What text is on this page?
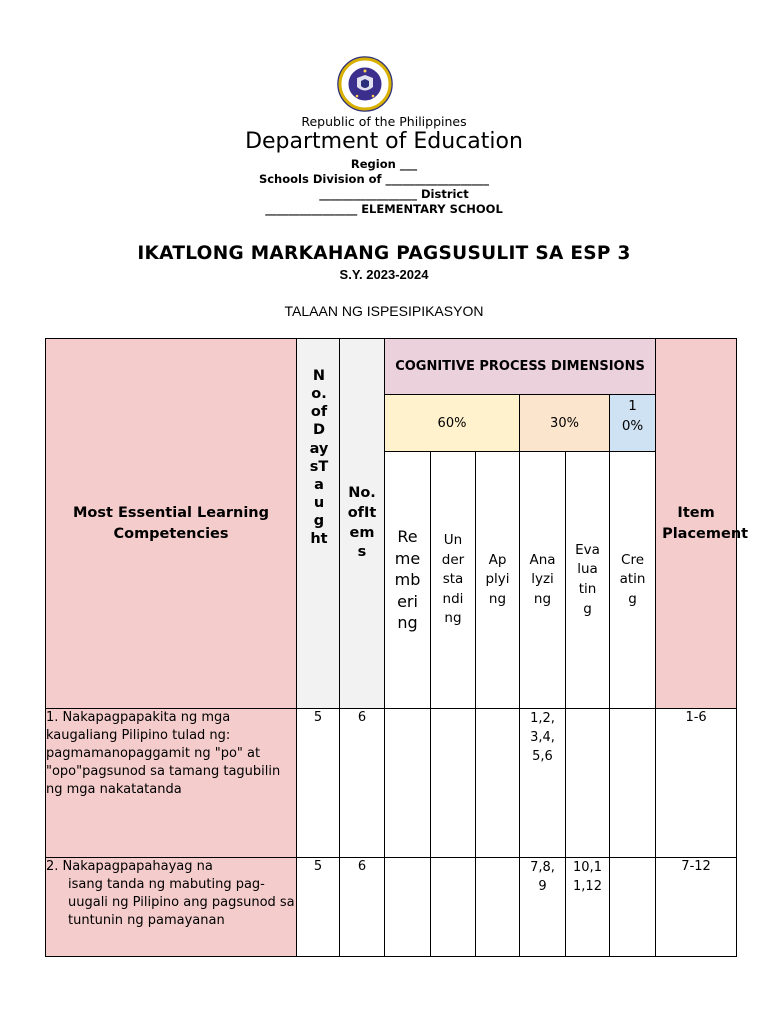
Republic of the Philippines
Department of Education
Region ___
Schools Division of __________________
_________________ District
________________ ELEMENTARY SCHOOL
IKATLONG MARKAHANG PAGSUSULIT SA ESP 3
S.Y. 2023-2024
TALAAN NG ISPESIPIKASYON
Most Essential Learning Competencies	No.ofDaysTaught	No.ofItems	COGNITIVE PROCESS DIMENSIONS						Item Placement
			60%			30%		10%	
			Remembering	Understanding	Applying	Analyzing	Evaluating	Creating	
1. Nakapagpapakita ng mga kaugaliang Pilipino tulad ng: pagmamanopaggamit ng "po" at "opo"pagsunod sa tamang tagubilin ng mga nakatatanda	5	6				1,2,3,4,5,6			1-6
2. Nakapagpapahayag na
isang tanda ng mabuting pag-uugali ng Pilipino ang pagsunod sa tuntunin ng pamayanan	5	6				7,8,9	10,11,12		7-12
